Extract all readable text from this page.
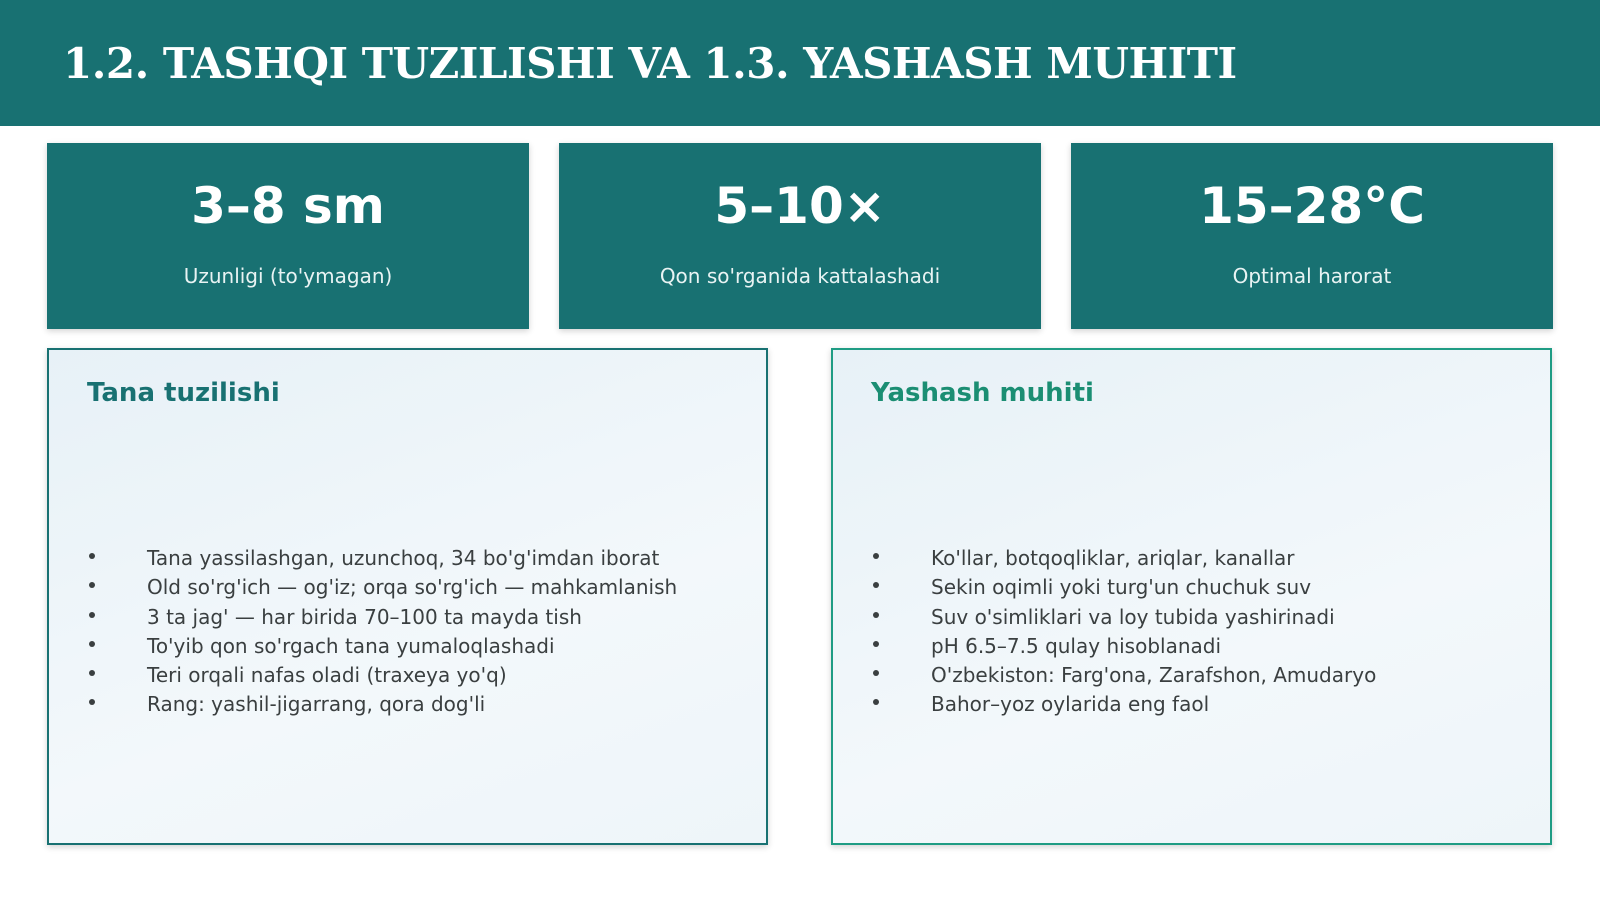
1.2. TASHQI TUZILISHI VA 1.3. YASHASH MUHITI
3–8 sm
Uzunligi (to'ymagan)
5–10×
Qon so'rganida kattalashadi
15–28°C
Optimal harorat
Tana tuzilishi
Tana yassilashgan, uzunchoq, 34 bo'g'imdan iborat
Old so'rg'ich — og'iz; orqa so'rg'ich — mahkamlanish
3 ta jag' — har birida 70–100 ta mayda tish
To'yib qon so'rgach tana yumaloqlashadi
Teri orqali nafas oladi (traxeya yo'q)
Rang: yashil-jigarrang, qora dog'li
Yashash muhiti
Ko'llar, botqoqliklar, ariqlar, kanallar
Sekin oqimli yoki turg'un chuchuk suv
Suv o'simliklari va loy tubida yashirinadi
pH 6.5–7.5 qulay hisoblanadi
O'zbekiston: Farg'ona, Zarafshon, Amudaryo
Bahor–yoz oylarida eng faol
